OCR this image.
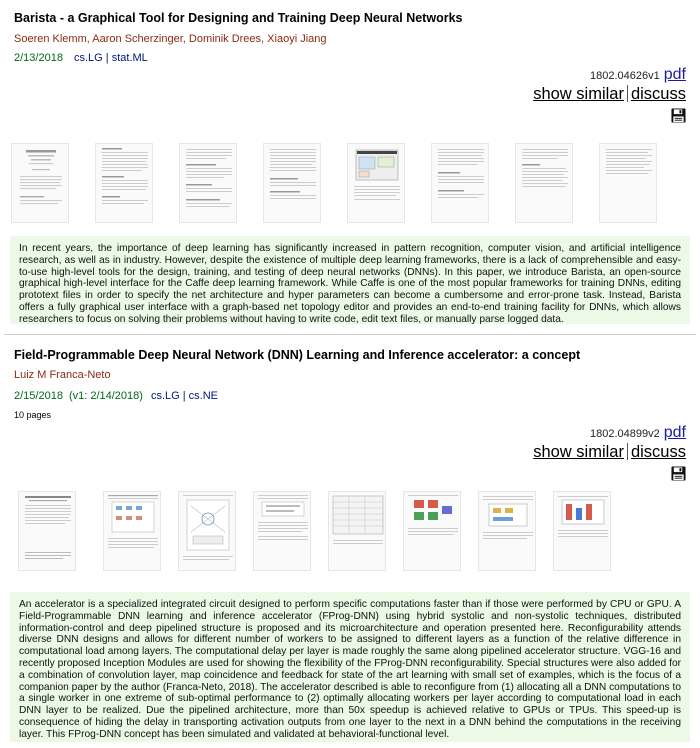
Barista - a Graphical Tool for Designing and Training Deep Neural Networks
Soeren Klemm, Aaron Scherzinger, Dominik Drees, Xiaoyi Jiang
2/13/2018 cs.LG | stat.ML
1802.04626v1 pdf
show similar discuss

In recent years, the importance of deep learning has significantly increased in pattern recognition, computer vision, and artificial intelligence research, as well as in industry. However, despite the existence of multiple deep learning frameworks, there is a lack of comprehensible and easy-to-use high-level tools for the design, training, and testing of deep neural networks (DNNs). In this paper, we introduce Barista, an open-source graphical high-level interface for the Caffe deep learning framework. While Caffe is one of the most popular frameworks for training DNNs, editing prototext files in order to specify the net architecture and hyper parameters can become a cumbersome and error-prone task. Instead, Barista offers a fully graphical user interface with a graph-based net topology editor and provides an end-to-end training facility for DNNs, which allows researchers to focus on solving their problems without having to write code, edit text files, or manually parse logged data.

Field-Programmable Deep Neural Network (DNN) Learning and Inference accelerator: a concept
Luiz M Franca-Neto
2/15/2018 (v1: 2/14/2018) cs.LG | cs.NE
10 pages
1802.04899v2 pdf
show similar discuss

An accelerator is a specialized integrated circuit designed to perform specific computations faster than if those were performed by CPU or GPU. A Field-Programmable DNN learning and inference accelerator (FProg-DNN) using hybrid systolic and non-systolic techniques, distributed information-control and deep pipelined structure is proposed and its microarchitecture and operation presented here. Reconfigurability attends diverse DNN designs and allows for different number of workers to be assigned to different layers as a function of the relative difference in computational load among layers. The computational delay per layer is made roughly the same along pipelined accelerator structure. VGG-16 and recently proposed Inception Modules are used for showing the flexibility of the FProg-DNN reconfigurability. Special structures were also added for a combination of convolution layer, map coincidence and feedback for state of the art learning with small set of examples, which is the focus of a companion paper by the author (Franca-Neto, 2018). The accelerator described is able to reconfigure from (1) allocating all a DNN computations to a single worker in one extreme of sub-optimal performance to (2) optimally allocating workers per layer according to computational load in each DNN layer to be realized. Due the pipelined architecture, more than 50x speedup is achieved relative to GPUs or TPUs. This speed-up is consequence of hiding the delay in transporting activation outputs from one layer to the next in a DNN behind the computations in the receiving layer. This FProg-DNN concept has been simulated and validated at behavioral-functional level.
